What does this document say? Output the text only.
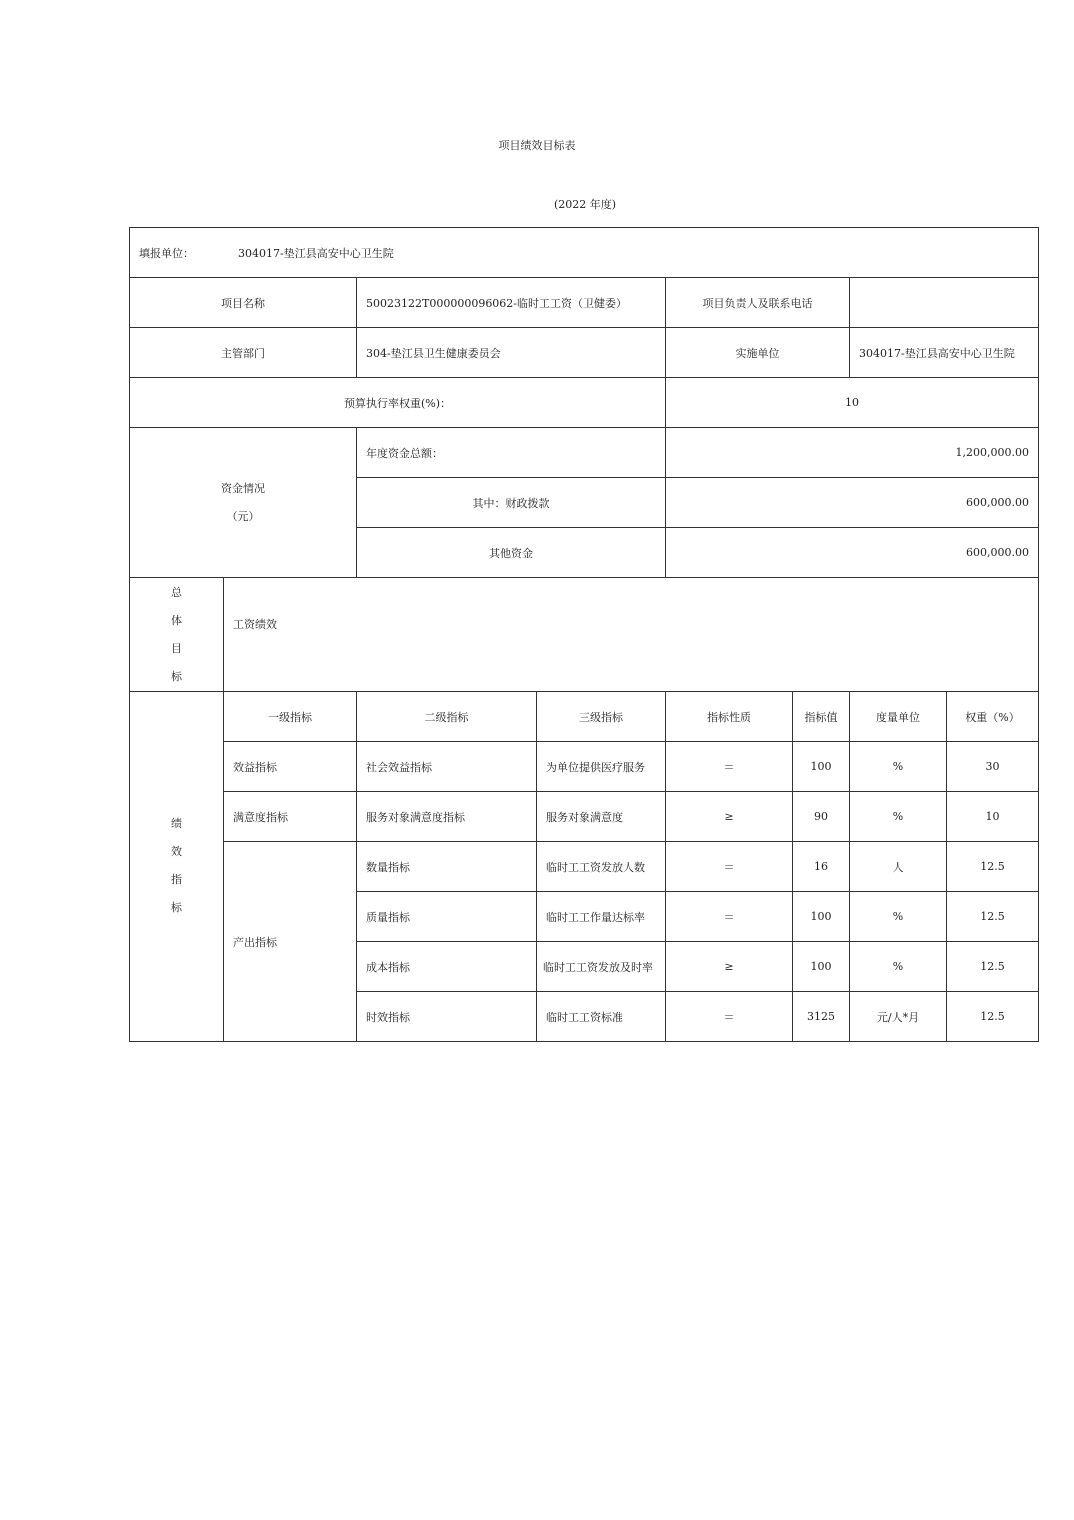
项目绩效目标表
(2022 年度)
填报单位： 304017-垫江县高安中心卫生院							
项目名称		50023122T000000096062-临时工工资（卫健委）		项目负责人及联系电话			
主管部门		304-垫江县卫生健康委员会		实施单位		304017-垫江县高安中心卫生院	
预算执行率权重(%)：				10			

资金情况
（元）		年度资金总额：		1,200,000.00			
		其中：财政拨款		600,000.00			
		其他资金		600,000.00			

总
体
目
标	工资绩效						

绩
效
指
标	一级指标	二级指标	三级指标	指标性质	指标值	度量单位	权重（%）
	效益指标	社会效益指标	为单位提供医疗服务	＝	100	%	30
	满意度指标	服务对象满意度指标	服务对象满意度	≥	90	%	10
	产出指标	数量指标	临时工工资发放人数	＝	16	人	12.5
		质量指标	临时工工作量达标率	＝	100	%	12.5
		成本指标	临时工工资发放及时率	≥	100	%	12.5
		时效指标	临时工工资标准	＝	3125	元/人*月	12.5
